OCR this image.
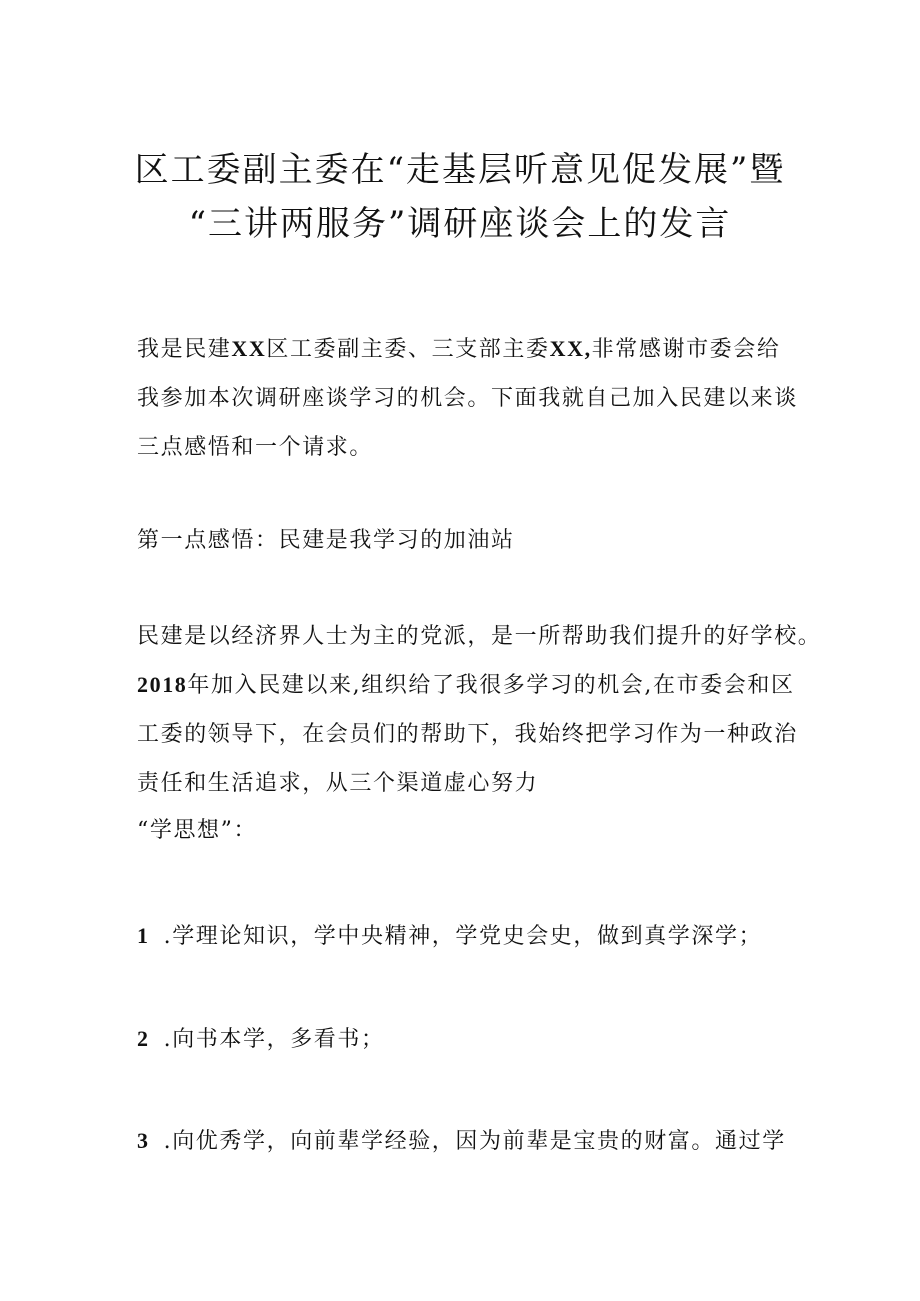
区工委副主委在“走基层听意见促发展”暨
“三讲两服务”调研座谈会上的发言
我是民建XX区工委副主委、三支部主委XX,非常感谢市委会给
我参加本次调研座谈学习的机会。下面我就自己加入民建以来谈
三点感悟和一个请求。
第一点感悟：民建是我学习的加油站
民建是以经济界人士为主的党派，是一所帮助我们提升的好学校。
2018年加入民建以来,组织给了我很多学习的机会,在市委会和区
工委的领导下，在会员们的帮助下，我始终把学习作为一种政治
责任和生活追求，从三个渠道虚心努力
“学思想”：
1 .学理论知识，学中央精神，学党史会史，做到真学深学；
2 .向书本学，多看书；
3 .向优秀学，向前辈学经验，因为前辈是宝贵的财富。通过学
